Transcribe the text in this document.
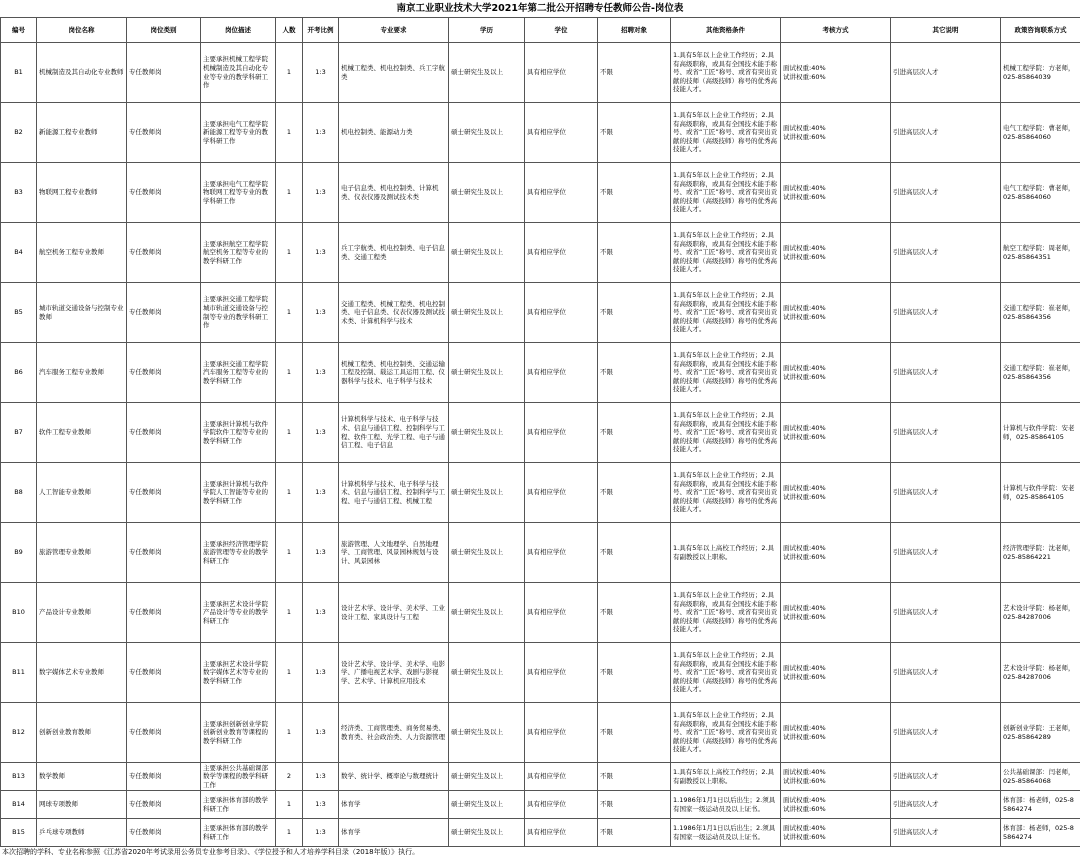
南京工业职业技术大学2021年第二批公开招聘专任教师公告-岗位表
编号	岗位名称	岗位类别	岗位描述	人数	开考比例	专业要求	学历	学位	招聘对象	其他资格条件	考核方式	其它说明	政策咨询联系方式
B1	机械制造及其自动化专业教师	专任教师岗	主要承担机械工程学院机械制造及其自动化专业等专业的教学科研工作	1	1:3	机械工程类、机电控制类、兵工宇航类	硕士研究生及以上	具有相应学位	不限	1.具有5年以上企业工作经历；2.具有高级职称，或具有全国技术能手称号、或省“工匠”称号、或省有突出贡献的技师（高级技师）称号的优秀高技能人才。	面试权重:40%
试讲权重:60%	引进高层次人才	机械工程学院：方老师，025-85864039
B2	新能源工程专业教师	专任教师岗	主要承担电气工程学院新能源工程等专业的教学科研工作	1	1:3	机电控制类、能源动力类	硕士研究生及以上	具有相应学位	不限	1.具有5年以上企业工作经历；2.具有高级职称，或具有全国技术能手称号、或省“工匠”称号、或省有突出贡献的技师（高级技师）称号的优秀高技能人才。	面试权重:40%
试讲权重:60%	引进高层次人才	电气工程学院：曹老师，025-85864060
B3	物联网工程专业教师	专任教师岗	主要承担电气工程学院物联网工程等专业的教学科研工作	1	1:3	电子信息类、机电控制类、计算机类、仪表仪器及测试技术类	硕士研究生及以上	具有相应学位	不限	1.具有5年以上企业工作经历；2.具有高级职称，或具有全国技术能手称号、或省“工匠”称号、或省有突出贡献的技师（高级技师）称号的优秀高技能人才。	面试权重:40%
试讲权重:60%	引进高层次人才	电气工程学院：曹老师，025-85864060
B4	航空机务工程专业教师	专任教师岗	主要承担航空工程学院航空机务工程等专业的教学科研工作	1	1:3	兵工宇航类、机电控制类、电子信息类、交通工程类	硕士研究生及以上	具有相应学位	不限	1.具有5年以上企业工作经历；2.具有高级职称，或具有全国技术能手称号、或省“工匠”称号、或省有突出贡献的技师（高级技师）称号的优秀高技能人才。	面试权重:40%
试讲权重:60%	引进高层次人才	航空工程学院：周老师，025-85864351
B5	城市轨道交通设备与控制专业教师	专任教师岗	主要承担交通工程学院城市轨道交通设备与控制等专业的教学科研工作	1	1:3	交通工程类、机械工程类、机电控制类、电子信息类、仪表仪器及测试技术类、计算机科学与技术	硕士研究生及以上	具有相应学位	不限	1.具有5年以上企业工作经历；2.具有高级职称，或具有全国技术能手称号、或省“工匠”称号、或省有突出贡献的技师（高级技师）称号的优秀高技能人才。	面试权重:40%
试讲权重:60%	引进高层次人才	交通工程学院：崔老师，025-85864356
B6	汽车服务工程专业教师	专任教师岗	主要承担交通工程学院汽车服务工程等专业的教学科研工作	1	1:3	机械工程类、机电控制类、交通运输工程及控制、载运工具运用工程、仪器科学与技术、电子科学与技术	硕士研究生及以上	具有相应学位	不限	1.具有5年以上企业工作经历；2.具有高级职称，或具有全国技术能手称号、或省“工匠”称号、或省有突出贡献的技师（高级技师）称号的优秀高技能人才。	面试权重:40%
试讲权重:60%	引进高层次人才	交通工程学院：崔老师，025-85864356
B7	软件工程专业教师	专任教师岗	主要承担计算机与软件学院软件工程等专业的教学科研工作	1	1:3	计算机科学与技术、电子科学与技术、信息与通信工程、控制科学与工程、软件工程、光学工程、电子与通信工程、电子信息	硕士研究生及以上	具有相应学位	不限	1.具有5年以上企业工作经历；2.具有高级职称，或具有全国技术能手称号、或省“工匠”称号、或省有突出贡献的技师（高级技师）称号的优秀高技能人才。	面试权重:40%
试讲权重:60%	引进高层次人才	计算机与软件学院：安老师，025-85864105
B8	人工智能专业教师	专任教师岗	主要承担计算机与软件学院人工智能等专业的教学科研工作	1	1:3	计算机科学与技术、电子科学与技术、信息与通信工程、控制科学与工程、电子与通信工程、机械工程	硕士研究生及以上	具有相应学位	不限	1.具有5年以上企业工作经历；2.具有高级职称，或具有全国技术能手称号、或省“工匠”称号、或省有突出贡献的技师（高级技师）称号的优秀高技能人才。	面试权重:40%
试讲权重:60%	引进高层次人才	计算机与软件学院：安老师，025-85864105
B9	旅游管理专业教师	专任教师岗	主要承担经济管理学院旅游管理等专业的教学科研工作	1	1:3	旅游管理、人文地理学、自然地理学、工商管理、风景园林规划与设计、风景园林	硕士研究生及以上	具有相应学位	不限	1.具有5年以上高校工作经历；2.具有副教授以上职称。	面试权重:40%
试讲权重:60%	引进高层次人才	经济管理学院：沈老师，025-85864221
B10	产品设计专业教师	专任教师岗	主要承担艺术设计学院产品设计等专业的教学科研工作	1	1:3	设计艺术学、设计学、美术学、工业设计工程、家具设计与工程	硕士研究生及以上	具有相应学位	不限	1.具有5年以上企业工作经历；2.具有高级职称，或具有全国技术能手称号、或省“工匠”称号、或省有突出贡献的技师（高级技师）称号的优秀高技能人才。	面试权重:40%
试讲权重:60%	引进高层次人才	艺术设计学院：杨老师，025-84287006
B11	数字媒体艺术专业教师	专任教师岗	主要承担艺术设计学院数字媒体艺术等专业的教学科研工作	1	1:3	设计艺术学、设计学、美术学、电影学、广播电视艺术学、戏剧与影视学、艺术学、计算机应用技术	硕士研究生及以上	具有相应学位	不限	1.具有5年以上企业工作经历；2.具有高级职称，或具有全国技术能手称号、或省“工匠”称号、或省有突出贡献的技师（高级技师）称号的优秀高技能人才。	面试权重:40%
试讲权重:60%	引进高层次人才	艺术设计学院：杨老师，025-84287006
B12	创新创业教育教师	专任教师岗	主要承担创新创业学院创新创业教育等课程的教学科研工作	1	1:3	经济类、工商管理类、商务贸易类、教育类、社会政治类、人力资源管理	硕士研究生及以上	具有相应学位	不限	1.具有5年以上企业工作经历；2.具有高级职称，或具有全国技术能手称号、或省“工匠”称号、或省有突出贡献的技师（高级技师）称号的优秀高技能人才。	面试权重:40%
试讲权重:60%	引进高层次人才	创新创业学院：王老师，025-85864289
B13	数学教师	专任教师岗	主要承担公共基础课部数学等课程的教学科研工作	2	1:3	数学、统计学、概率论与数理统计	硕士研究生及以上	具有相应学位	不限	1.具有5年以上高校工作经历；2.具有副教授以上职称。	面试权重:40%
试讲权重:60%	引进高层次人才	公共基础课部：闫老师，025-85864068
B14	网球专项教师	专任教师岗	主要承担体育部的教学科研工作	1	1:3	体育学	硕士研究生及以上	具有相应学位	不限	1.1986年1月1日以后出生；2.须具有国家一级运动员及以上证书。	面试权重:40%
试讲权重:60%	引进高层次人才	体育部：杨老师，025-85864274
B15	乒乓球专项教师	专任教师岗	主要承担体育部的教学科研工作	1	1:3	体育学	硕士研究生及以上	具有相应学位	不限	1.1986年1月1日以后出生；2.须具有国家一级运动员及以上证书。	面试权重:40%
试讲权重:60%	引进高层次人才	体育部：杨老师，025-85864274
本次招聘的学科、专业名称参照《江苏省2020年考试录用公务员专业参考目录》、《学位授予和人才培养学科目录（2018年版）》执行。
